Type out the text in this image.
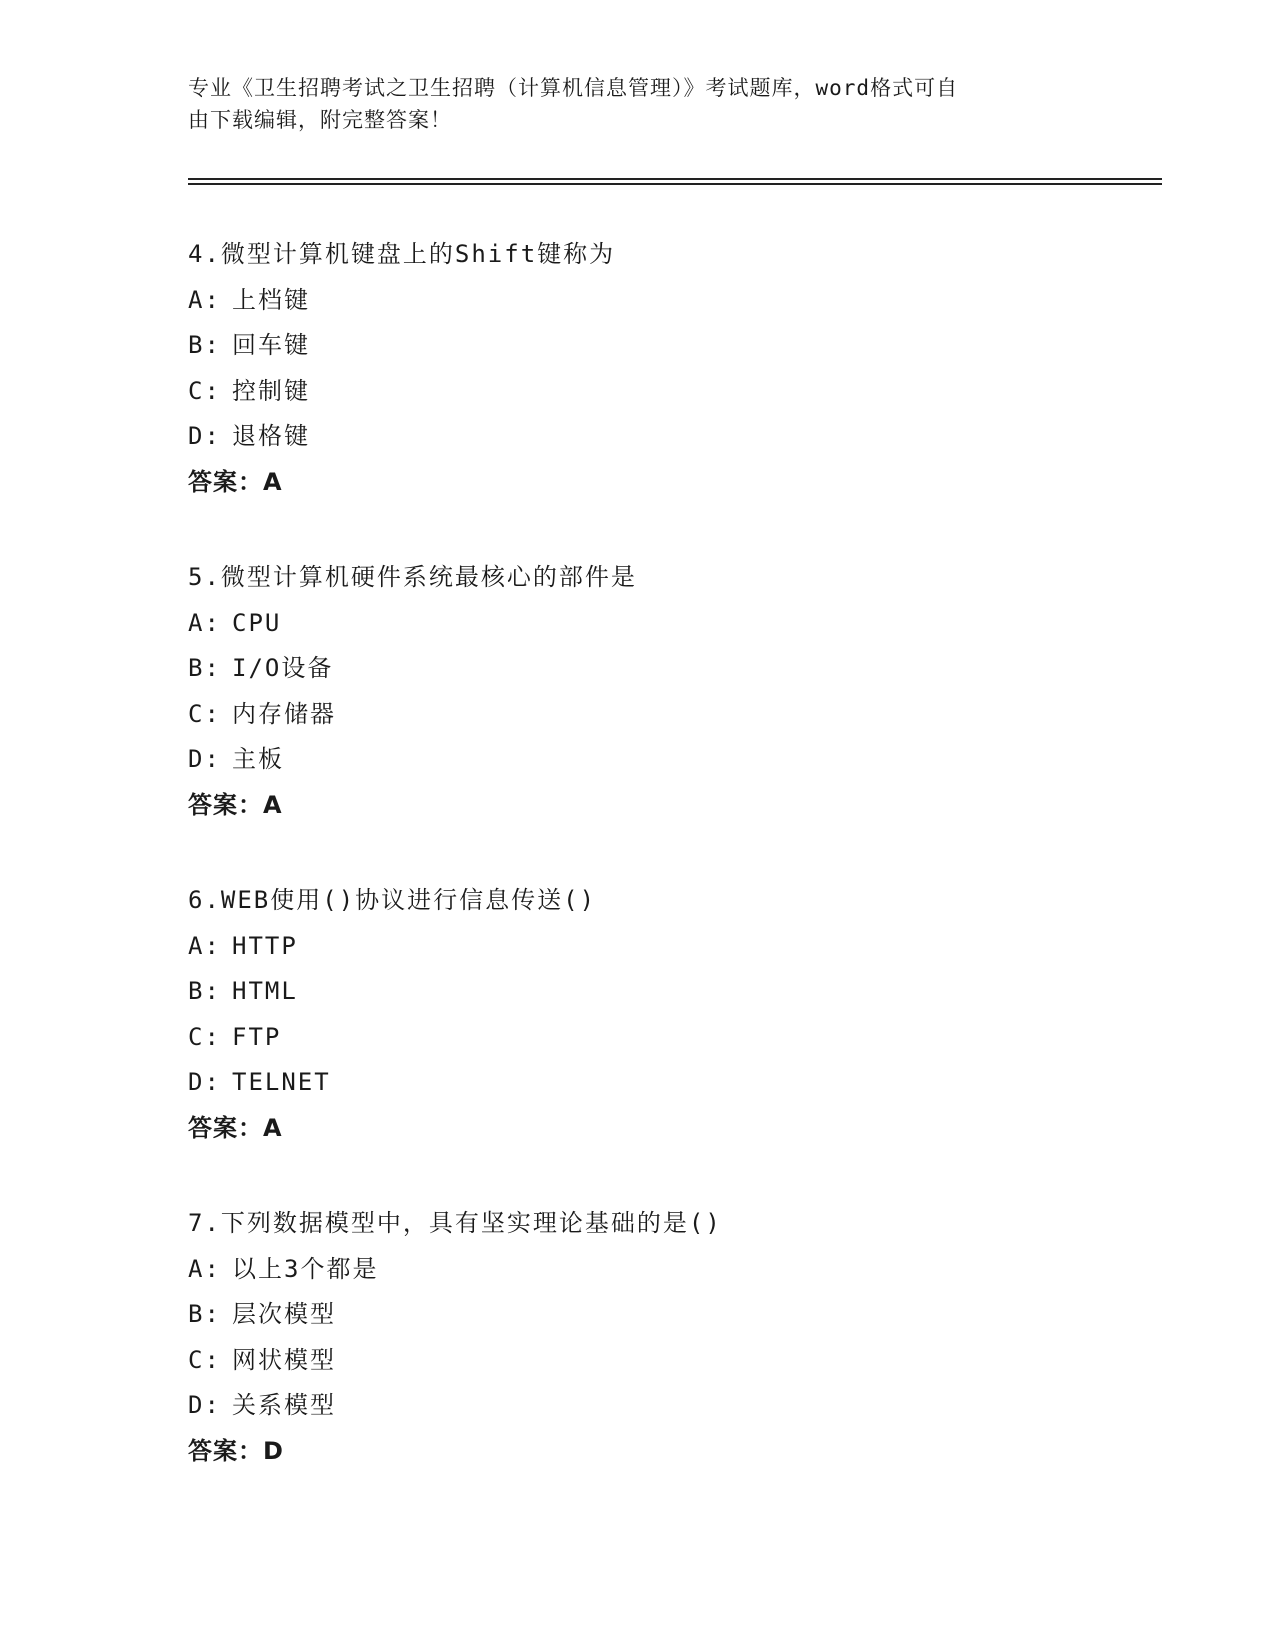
专业《卫生招聘考试之卫生招聘（计算机信息管理）》考试题库，word格式可自
由下载编辑，附完整答案！
4.微型计算机键盘上的Shift键称为
A: 上档键
B: 回车键
C: 控制键
D: 退格键
答案：A
5.微型计算机硬件系统最核心的部件是
A: CPU
B: I/O设备
C: 内存储器
D: 主板
答案：A
6.WEB使用()协议进行信息传送()
A: HTTP
B: HTML
C: FTP
D: TELNET
答案：A
7.下列数据模型中，具有坚实理论基础的是()
A: 以上3个都是
B: 层次模型
C: 网状模型
D: 关系模型
答案：D
